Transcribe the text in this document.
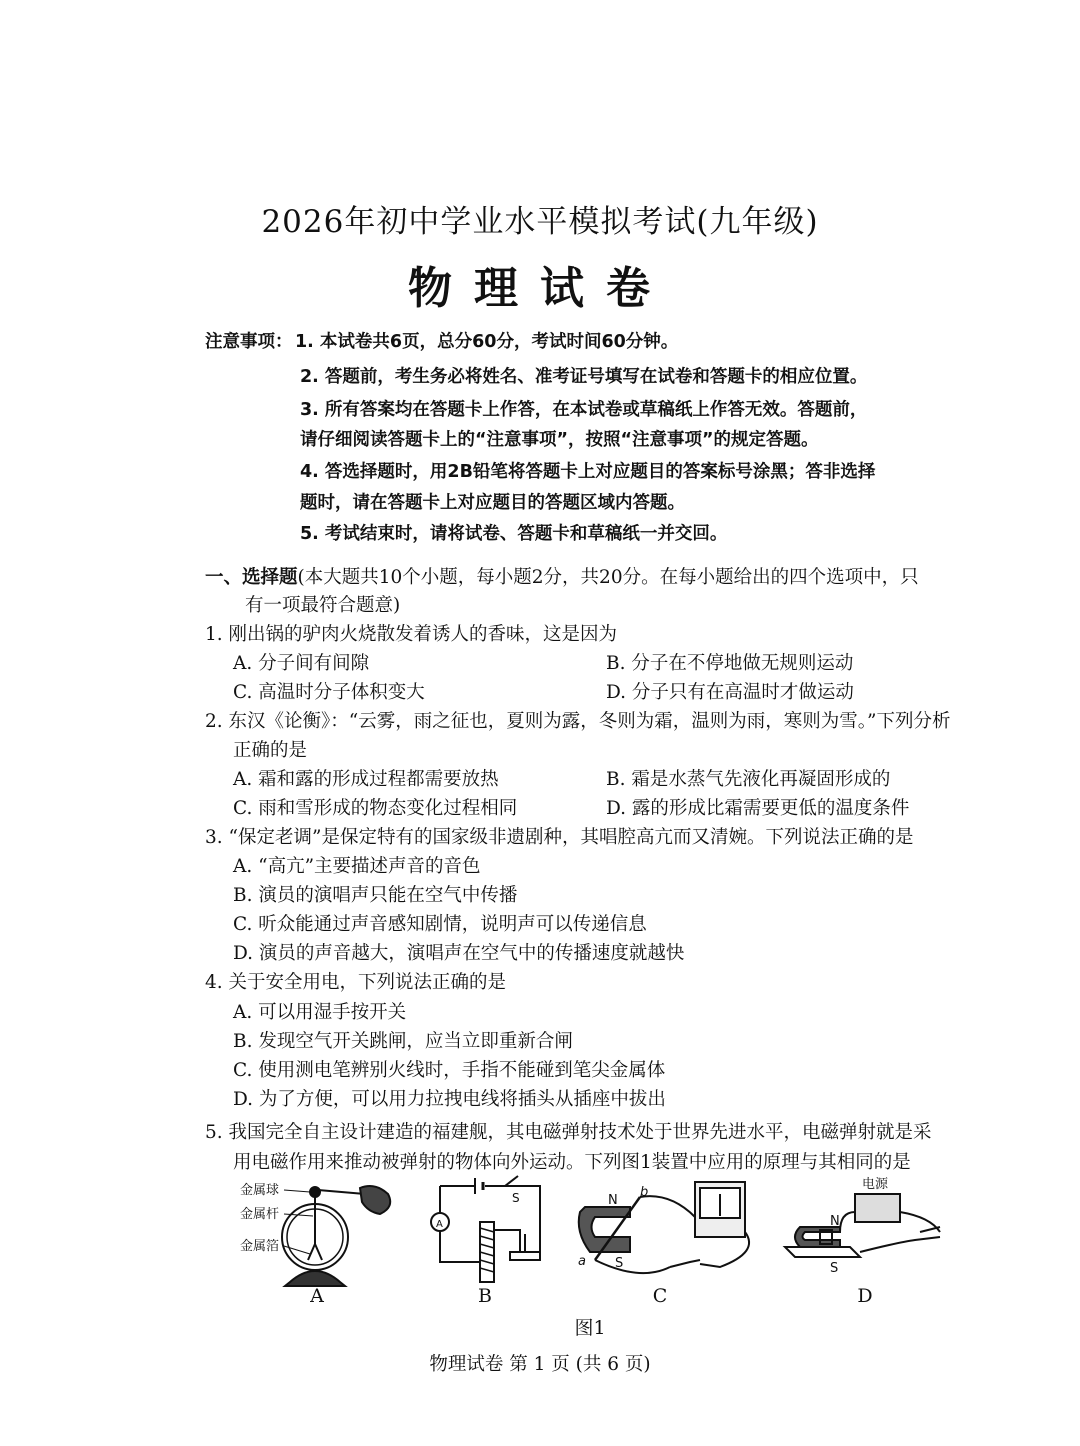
2026年初中学业水平模拟考试(九年级)
物理试卷
注意事项： 1. 本试卷共6页，总分60分，考试时间60分钟。
2. 答题前，考生务必将姓名、准考证号填写在试卷和答题卡的相应位置。
3. 所有答案均在答题卡上作答，在本试卷或草稿纸上作答无效。答题前，
请仔细阅读答题卡上的“注意事项”，按照“注意事项”的规定答题。
4. 答选择题时，用2B铅笔将答题卡上对应题目的答案标号涂黑；答非选择
题时，请在答题卡上对应题目的答题区域内答题。
5. 考试结束时，请将试卷、答题卡和草稿纸一并交回。
一、选择题(本大题共10个小题，每小题2分，共20分。在每小题给出的四个选项中，只
有一项最符合题意)
1. 刚出锅的驴肉火烧散发着诱人的香味，这是因为
A. 分子间有间隙	B. 分子在不停地做无规则运动
C. 高温时分子体积变大	D. 分子只有在高温时才做运动
2. 东汉《论衡》：“云雾，雨之征也，夏则为露，冬则为霜，温则为雨，寒则为雪。”下列分析
正确的是
A. 霜和露的形成过程都需要放热	B. 霜是水蒸气先液化再凝固形成的
C. 雨和雪形成的物态变化过程相同	D. 露的形成比霜需要更低的温度条件
3. “保定老调”是保定特有的国家级非遗剧种，其唱腔高亢而又清婉。下列说法正确的是
A. “高亢”主要描述声音的音色
B. 演员的演唱声只能在空气中传播
C. 听众能通过声音感知剧情，说明声可以传递信息
D. 演员的声音越大，演唱声在空气中的传播速度就越快
4. 关于安全用电，下列说法正确的是
A. 可以用湿手按开关
B. 发现空气开关跳闸，应当立即重新合闸
C. 使用测电笔辨别火线时，手指不能碰到笔尖金属体
D. 为了方便，可以用力拉拽电线将插头从插座中拔出
5. 我国完全自主设计建造的福建舰，其电磁弹射技术处于世界先进水平，电磁弹射就是采
用电磁作用来推动被弹射的物体向外运动。下列图1装置中应用的原理与其相同的是
金属球
金属杆
金属箔
A
S	N
b
a S
电源
N
S
A	B	C	D
图1
物理试卷 第 1 页 (共 6 页)
